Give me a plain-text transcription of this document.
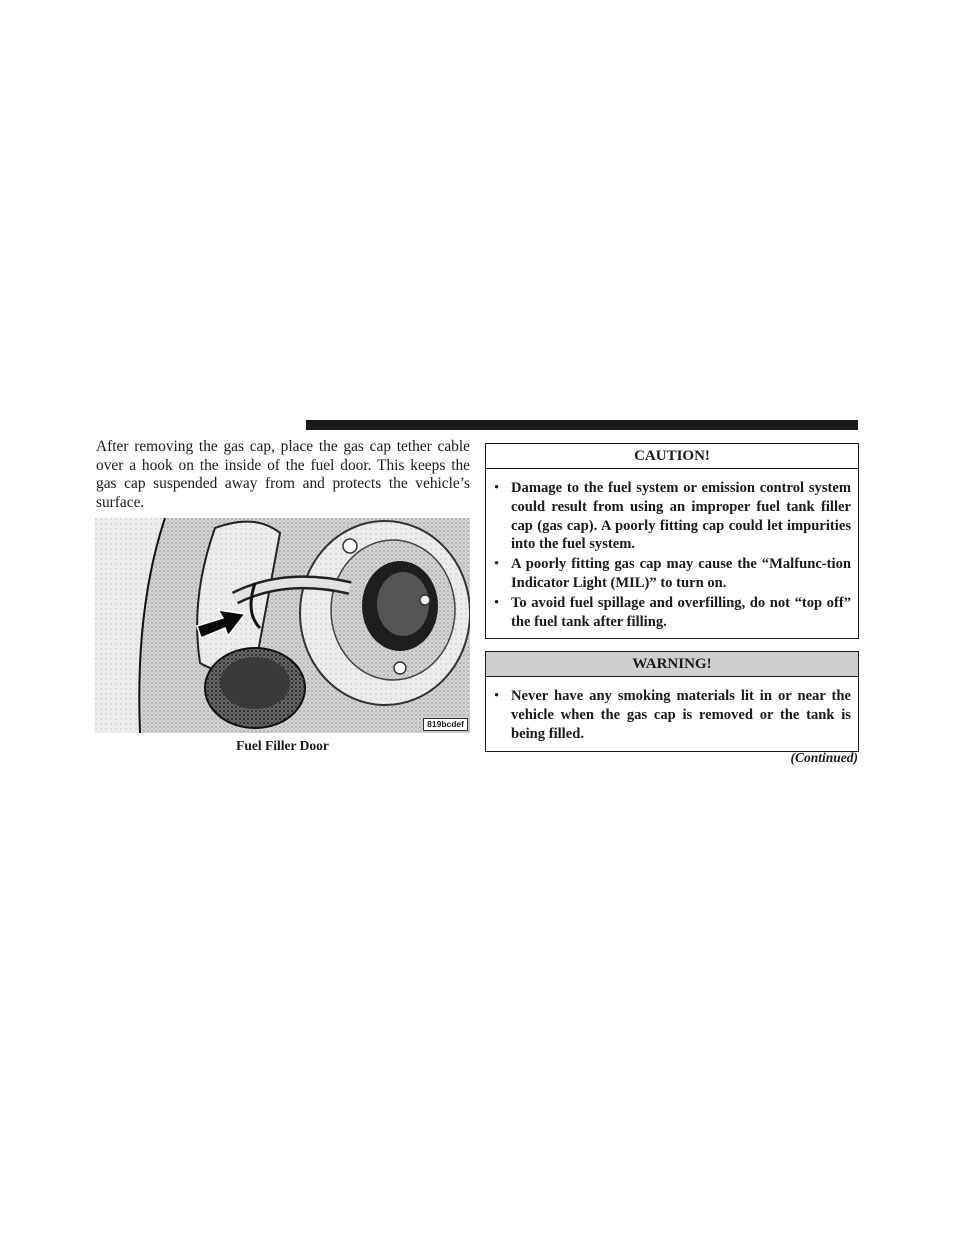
After removing the gas cap, place the gas cap tether cable over a hook on the inside of the fuel door. This keeps the gas cap suspended away from and protects the vehicle’s surface.

819bcdef
Fuel Filler Door
CAUTION!
• Damage to the fuel system or emission control system could result from using an improper fuel tank filler cap (gas cap). A poorly fitting cap could let impurities into the fuel system.
• A poorly fitting gas cap may cause the “Malfunc-tion Indicator Light (MIL)” to turn on.
• To avoid fuel spillage and overfilling, do not “top off” the fuel tank after filling.
WARNING!
• Never have any smoking materials lit in or near the vehicle when the gas cap is removed or the tank is being filled.
(Continued)
